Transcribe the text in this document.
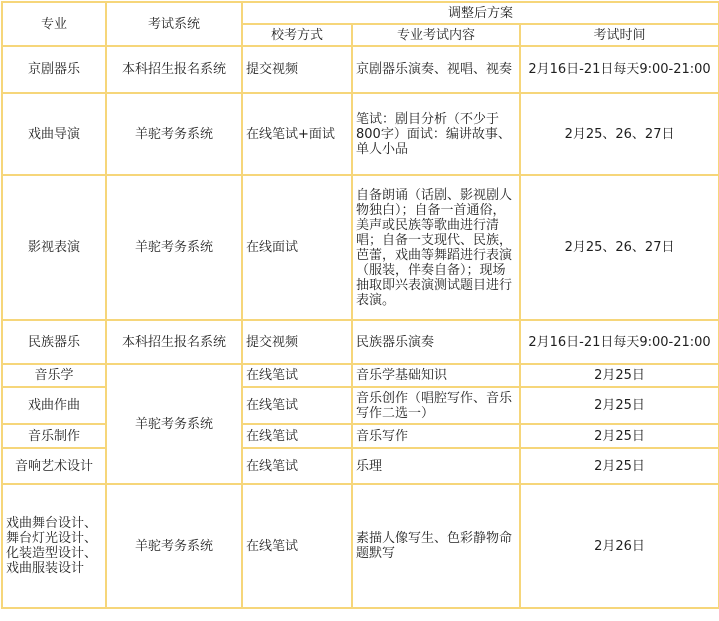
专业	考试系统	调整后方案		
		校考方式	专业考试内容	考试时间
京剧器乐	本科招生报名系统	提交视频	京剧器乐演奏、视唱、视奏	2月16日-21日每天9:00-21:00
戏曲导演	羊驼考务系统	在线笔试+面试	笔试：剧目分析（不少于800字）面试：编讲故事、单人小品	2月25、26、27日
影视表演	羊驼考务系统	在线面试	自备朗诵（话剧、影视剧人物独白）；自备一首通俗，美声或民族等歌曲进行清唱；自备一支现代、民族，芭蕾，戏曲等舞蹈进行表演（服装，伴奏自备）；现场抽取即兴表演测试题目进行表演。	2月25、26、27日
民族器乐	本科招生报名系统	提交视频	民族器乐演奏	2月16日-21日每天9:00-21:00
音乐学	羊驼考务系统	在线笔试	音乐学基础知识	2月25日
戏曲作曲		在线笔试	音乐创作（唱腔写作、音乐写作二选一）	2月25日
音乐制作		在线笔试	音乐写作	2月25日
音响艺术设计		在线笔试	乐理	2月25日
戏曲舞台设计、舞台灯光设计、化装造型设计、戏曲服装设计	羊驼考务系统	在线笔试	素描人像写生、色彩静物命题默写	2月26日
